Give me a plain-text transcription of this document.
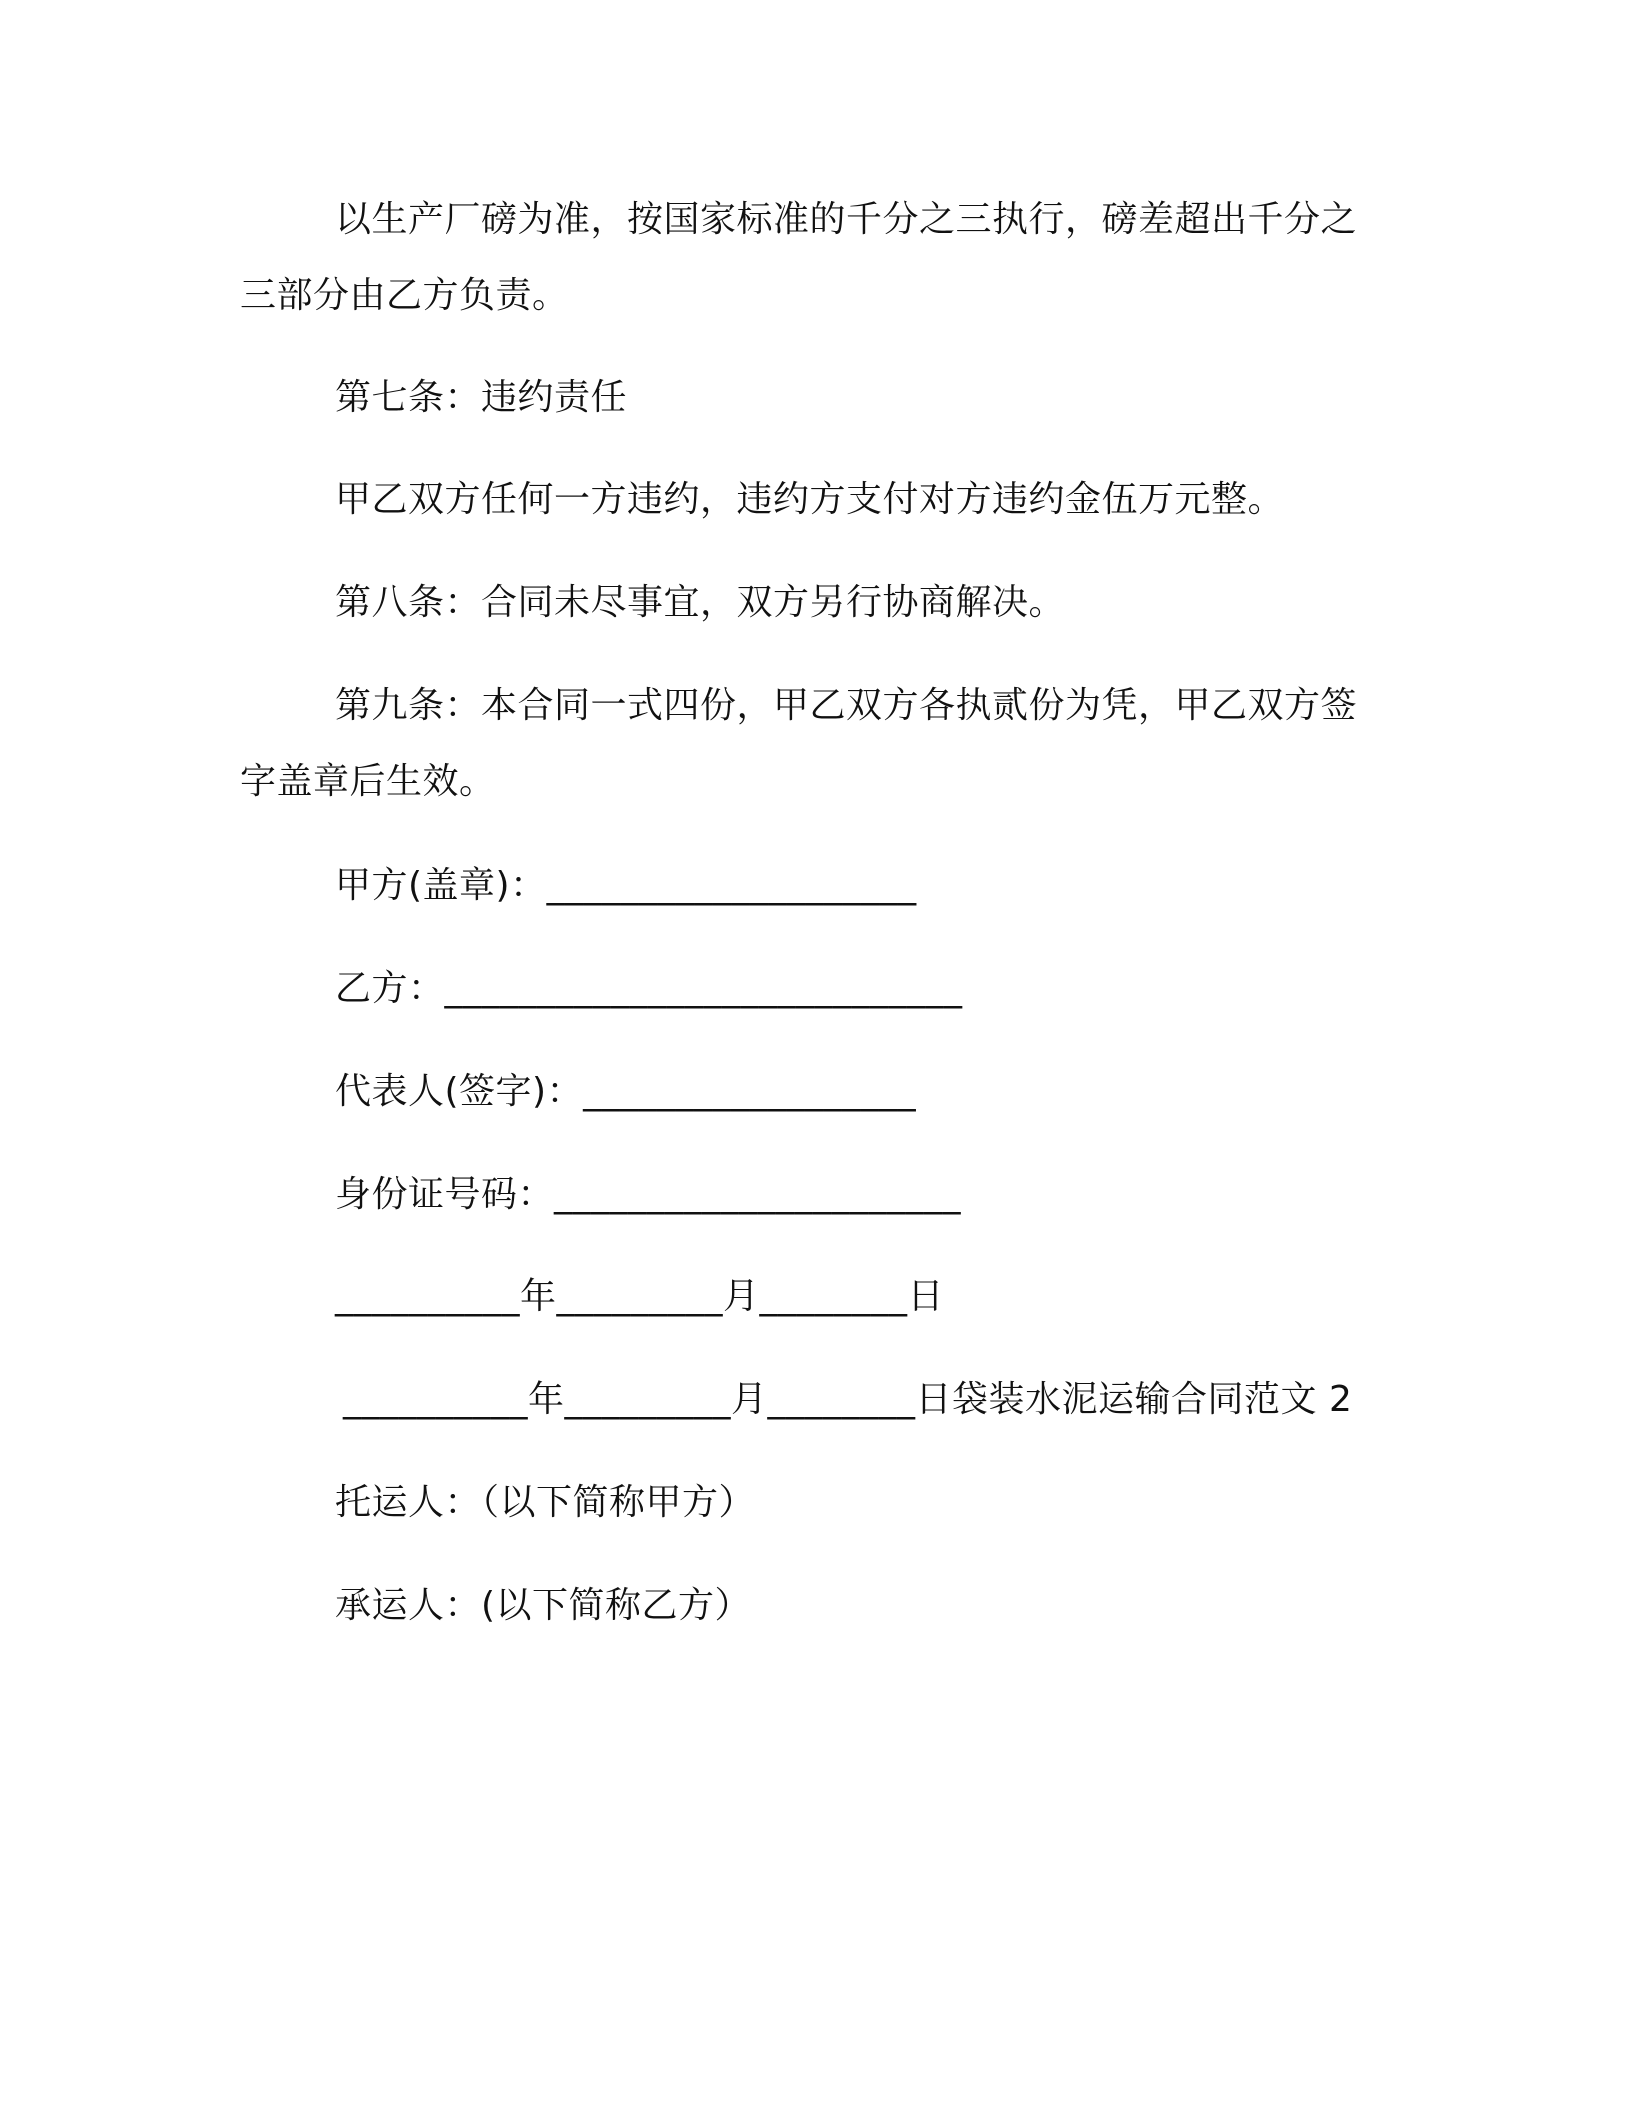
以生产厂磅为准，按国家标准的千分之三执行，磅差超出千分之
三部分由乙方负责。
第七条：违约责任
甲乙双方任何一方违约，违约方支付对方违约金伍万元整。
第八条：合同未尽事宜，双方另行协商解决。
第九条：本合同一式四份，甲乙双方各执贰份为凭，甲乙双方签
字盖章后生效。
甲方(盖章)：____________________
乙方：____________________________
代表人(签字)：__________________
身份证号码：______________________
__________年_________月________日
__________年_________月________日袋装水泥运输合同范文 2
托运人：（以下简称甲方）
承运人：(以下简称乙方）
